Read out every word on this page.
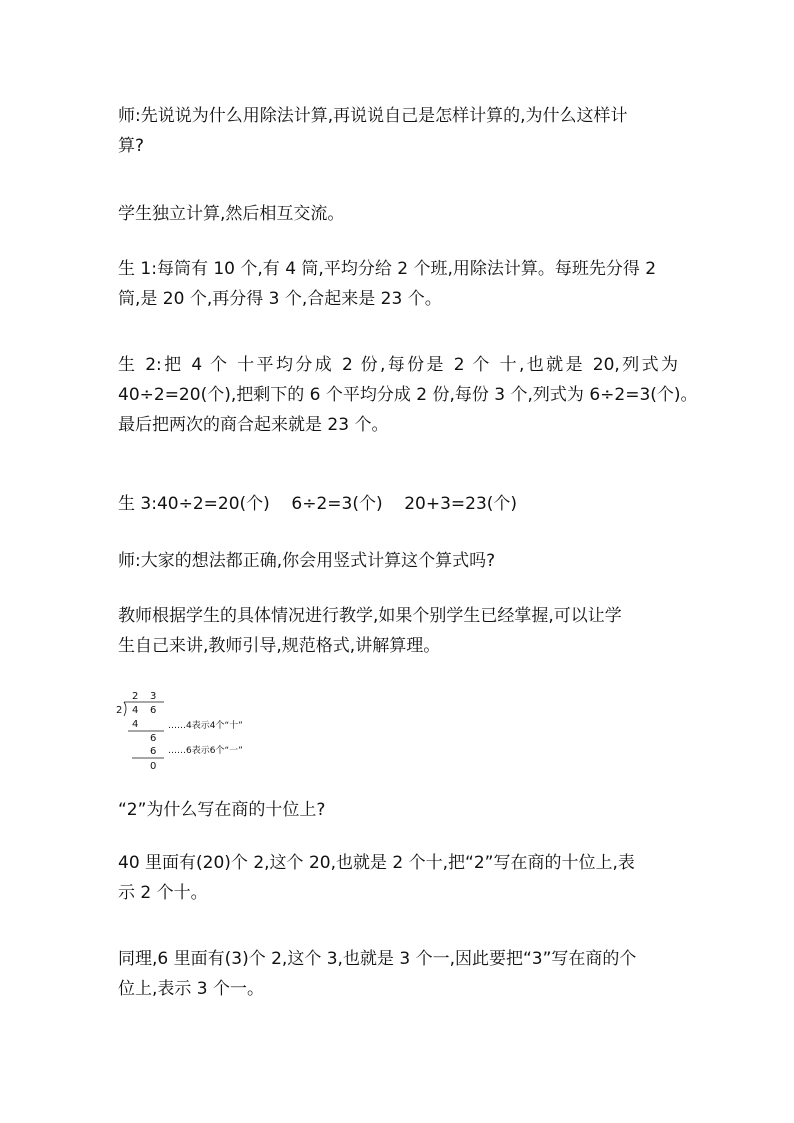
师:先说说为什么用除法计算,再说说自己是怎样计算的,为什么这样计
算?
学生独立计算,然后相互交流。
生 1:每筒有 10 个,有 4 筒,平均分给 2 个班,用除法计算。每班先分得 2
筒,是 20 个,再分得 3 个,合起来是 23 个。
生 2:把 4 个 十平均分成 2 份,每份是 2 个 十,也就是 20,列式为
40÷2=20(个),把剩下的 6 个平均分成 2 份,每份 3 个,列式为 6÷2=3(个)。
最后把两次的商合起来就是 23 个。
生 3:40÷2=20(个)    6÷2=3(个)    20+3=23(个)
师:大家的想法都正确,你会用竖式计算这个算式吗?
教师根据学生的具体情况进行教学,如果个别学生已经掌握,可以让学
生自己来讲,教师引导,规范格式,讲解算理。
2 3
2 4 6
4	……4表示4个“十”
6
6 ……6表示6个“一”
0
“2”为什么写在商的十位上?
40 里面有(20)个 2,这个 20,也就是 2 个十,把“2”写在商的十位上,表
示 2 个十。
同理,6 里面有(3)个 2,这个 3,也就是 3 个一,因此要把“3”写在商的个
位上,表示 3 个一。
